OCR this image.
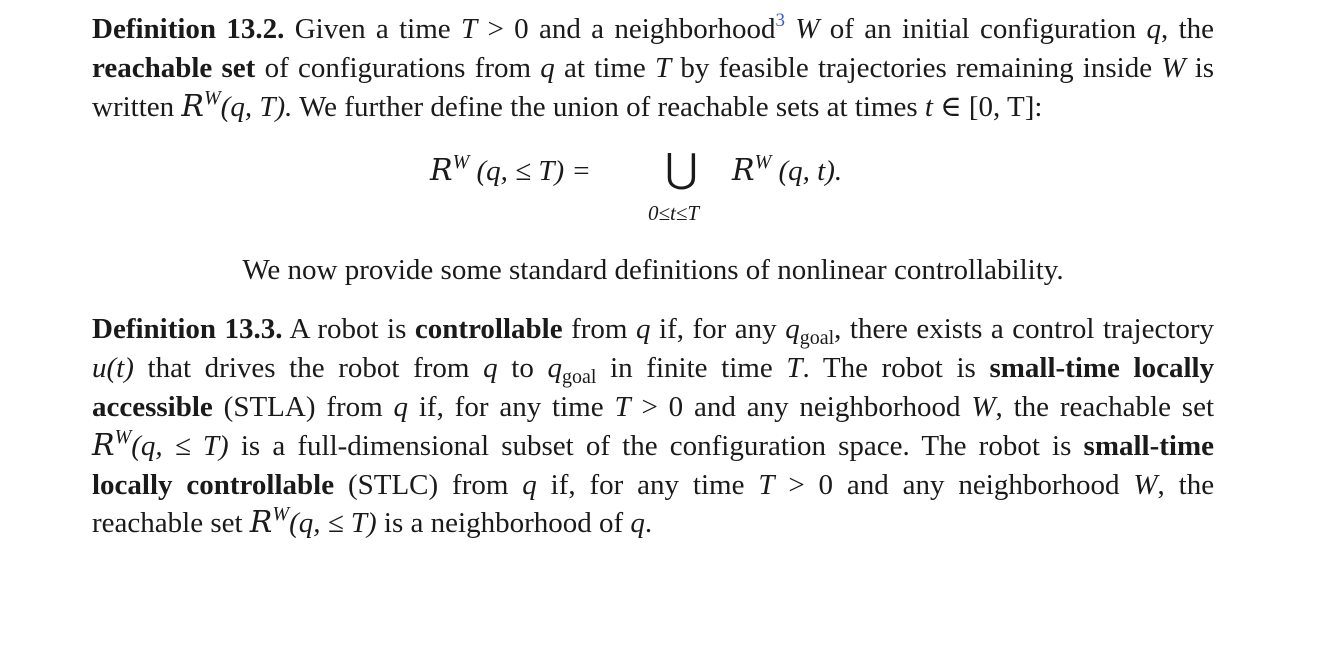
Definition 13.2. Given a time T > 0 and a neighborhood$^3$ W of an initial configuration q, the reachable set of configurations from q at time T by feasible trajectories remaining inside W is written $R^W(q$, T). We further define the union of reachable sets at times t ∈ [0, T]:

$R^W$ (q, ≤ T) = ⋃
0≤t≤T
$R^W$ (q, t).

We now provide some standard definitions of nonlinear controllability.

Definition 13.3. A robot is controllable from q if, for any $q_{goal}$, there exists a control trajectory u(t) that drives the robot from q to $q_{goal}$ in finite time T. The robot is small-time locally accessible (STLA) from q if, for any time T > 0 and any neighborhood W, the reachable set $R^W(q$, ≤ T) is a full-dimensional subset of the configuration space. The robot is small-time locally controllable (STLC) from q if, for any time T > 0 and any neighborhood W, the reachable set $R^W(q$, ≤ T) is a neighborhood of q.
